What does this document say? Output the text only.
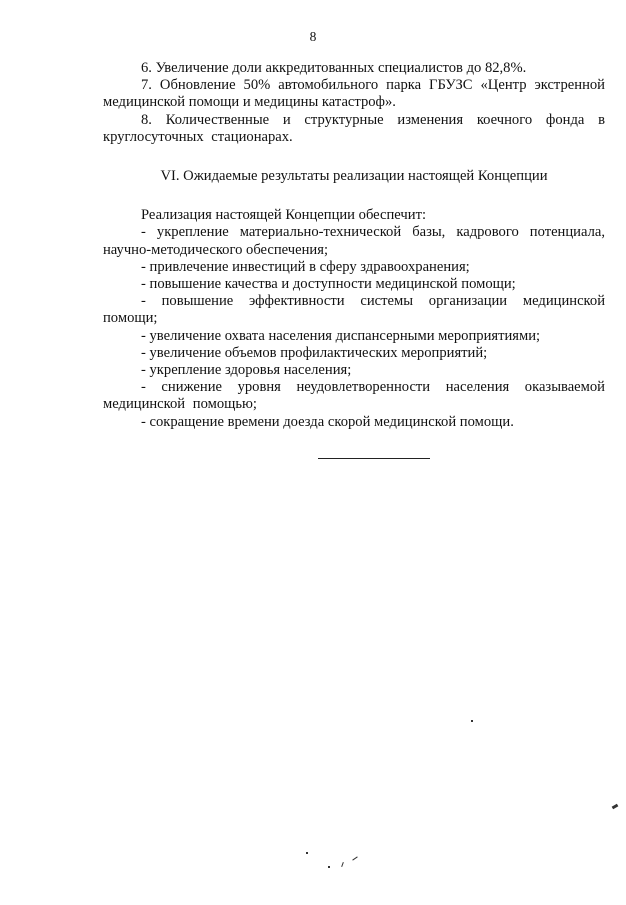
8

6. Увеличение доли аккредитованных специалистов до 82,8%.

7. Обновление 50% автомобильного парка ГБУЗС «Центр экстренной медицинской помощи и медицины катастроф».

8. Количественные и структурные изменения коечного фонда в круглосуточных стационарах.

VI. Ожидаемые результаты реализации настоящей Концепции

Реализация настоящей Концепции обеспечит:

- укрепление материально-технической базы, кадрового потенциала, научно-методического обеспечения;

- привлечение инвестиций в сферу здравоохранения;

- повышение качества и доступности медицинской помощи;

- повышение эффективности системы организации медицинской помощи;

- увеличение охвата населения диспансерными мероприятиями;

- увеличение объемов профилактических мероприятий;

- укрепление здоровья населения;

- снижение уровня неудовлетворенности населения оказываемой медицинской помощью;

- сокращение времени доезда скорой медицинской помощи.
